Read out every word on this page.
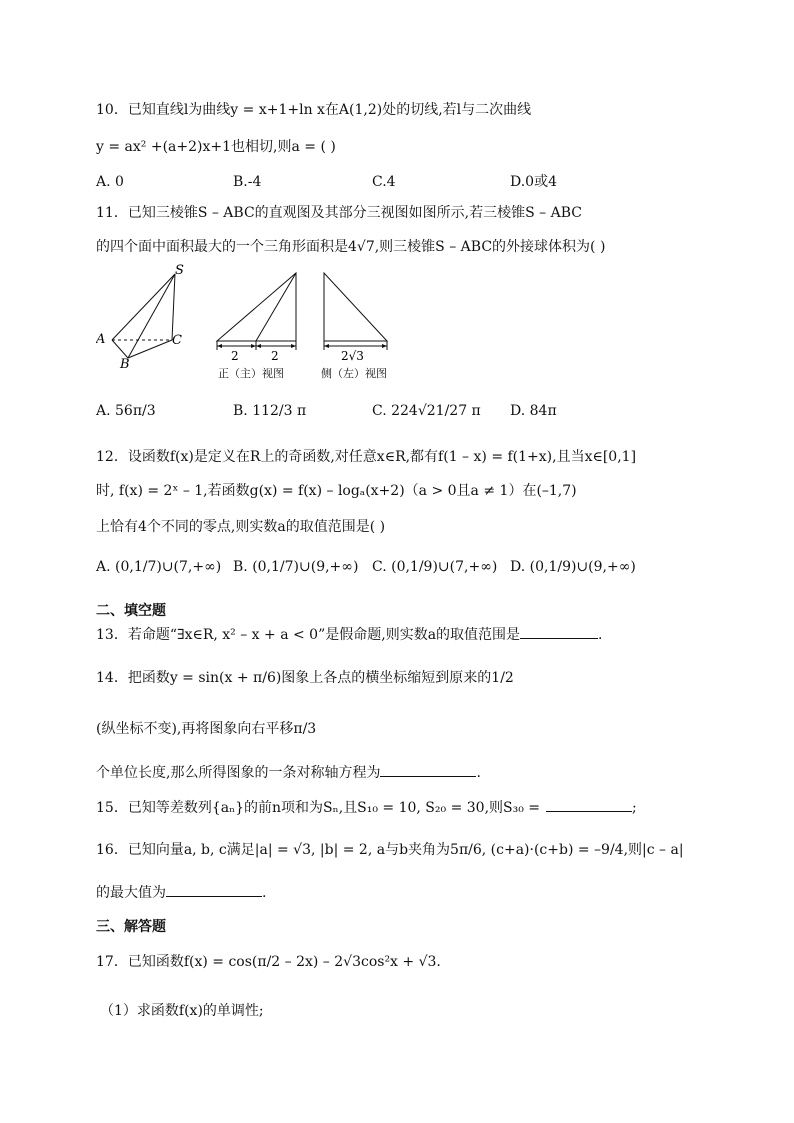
10．已知直线l为曲线y = x+1+ln x在A(1,2)处的切线,若l与二次曲线
y = ax² +(a+2)x+1也相切,则a = ( )
A. 0	B.-4	C.4	D.0或4
11．已知三棱锥S – ABC的直观图及其部分三视图如图所示,若三棱锥S – ABC
的四个面中面积最大的一个三角形面积是4√7,则三棱锥S – ABC的外接球体积为( )
S
A
B
C
2	2
正（主）视图
2√3
侧（左）视图
A. 56π/3	B. 112/3 π	C. 224√21/27 π D. 84π
12．设函数f(x)是定义在R上的奇函数,对任意x∈R,都有f(1 – x) = f(1+x),且当x∈[0,1]
时, f(x) = 2ˣ – 1,若函数g(x) = f(x) – logₐ(x+2)（a > 0且a ≠ 1）在(–1,7)
上恰有4个不同的零点,则实数a的取值范围是( )
A. (0,1/7)∪(7,+∞) B. (0,1/7)∪(9,+∞) C. (0,1/9)∪(7,+∞) D. (0,1/9)∪(9,+∞)
二、填空题
13．若命题“∃x∈R, x² – x + a < 0”是假命题,则实数a的取值范围是	.
14．把函数y = sin(x + π/6)图象上各点的横坐标缩短到原来的1/2
(纵坐标不变),再将图象向右平移π/3
个单位长度,那么所得图象的一条对称轴方程为	.
15．已知等差数列{aₙ}的前n项和为Sₙ,且S₁₀ = 10, S₂₀ = 30,则S₃₀ =	;
16．已知向量a, b, c满足|a| = √3, |b| = 2, a与b夹角为5π/6, (c+a)·(c+b) = –9/4,则|c – a|
的最大值为	.
三、解答题
17．已知函数f(x) = cos(π/2 – 2x) – 2√3cos²x + √3.
（1）求函数f(x)的单调性;
